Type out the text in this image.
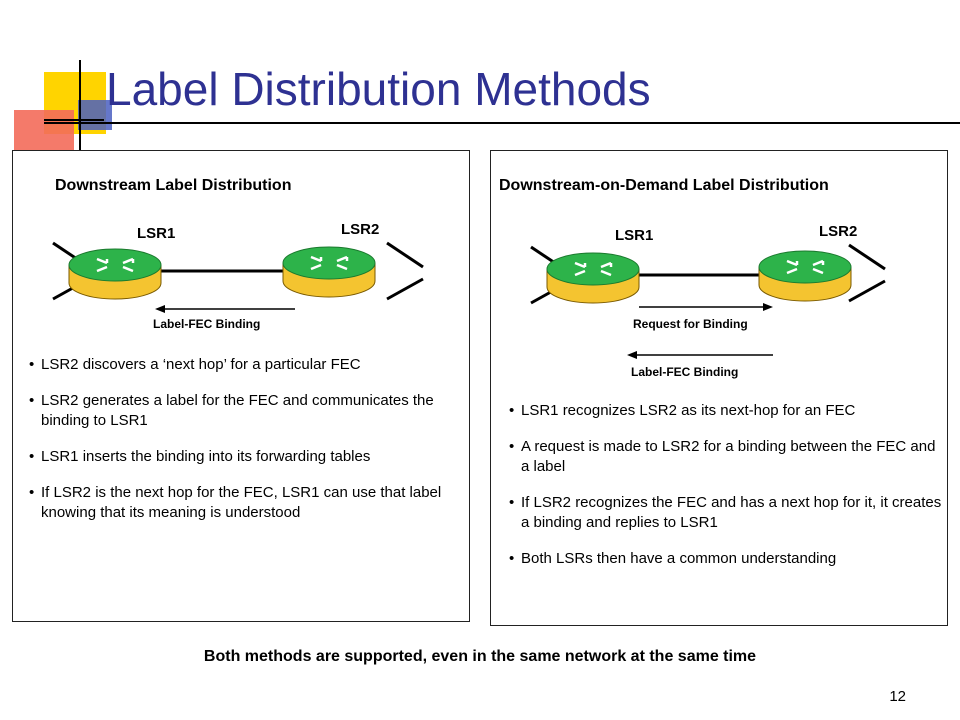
Label Distribution Methods
Downstream Label Distribution
LSR1	LSR2
Label-FEC Binding
• LSR2 discovers a ‘next hop’ for a particular FEC
• LSR2 generates a label for the FEC and communicates the binding to LSR1
• LSR1 inserts the binding into its forwarding tables
• If LSR2 is the next hop for the FEC, LSR1 can use that label knowing that its meaning is understood
Downstream-on-Demand Label Distribution
LSR1	LSR2
Request for Binding
Label-FEC Binding
• LSR1 recognizes LSR2 as its next-hop for an FEC
• A request is made to LSR2 for a binding between the FEC and a label
• If LSR2 recognizes the FEC and has a next hop for it, it creates a binding and replies to LSR1
• Both LSRs then have a common understanding
Both methods are supported, even in the same network at the same time
12
